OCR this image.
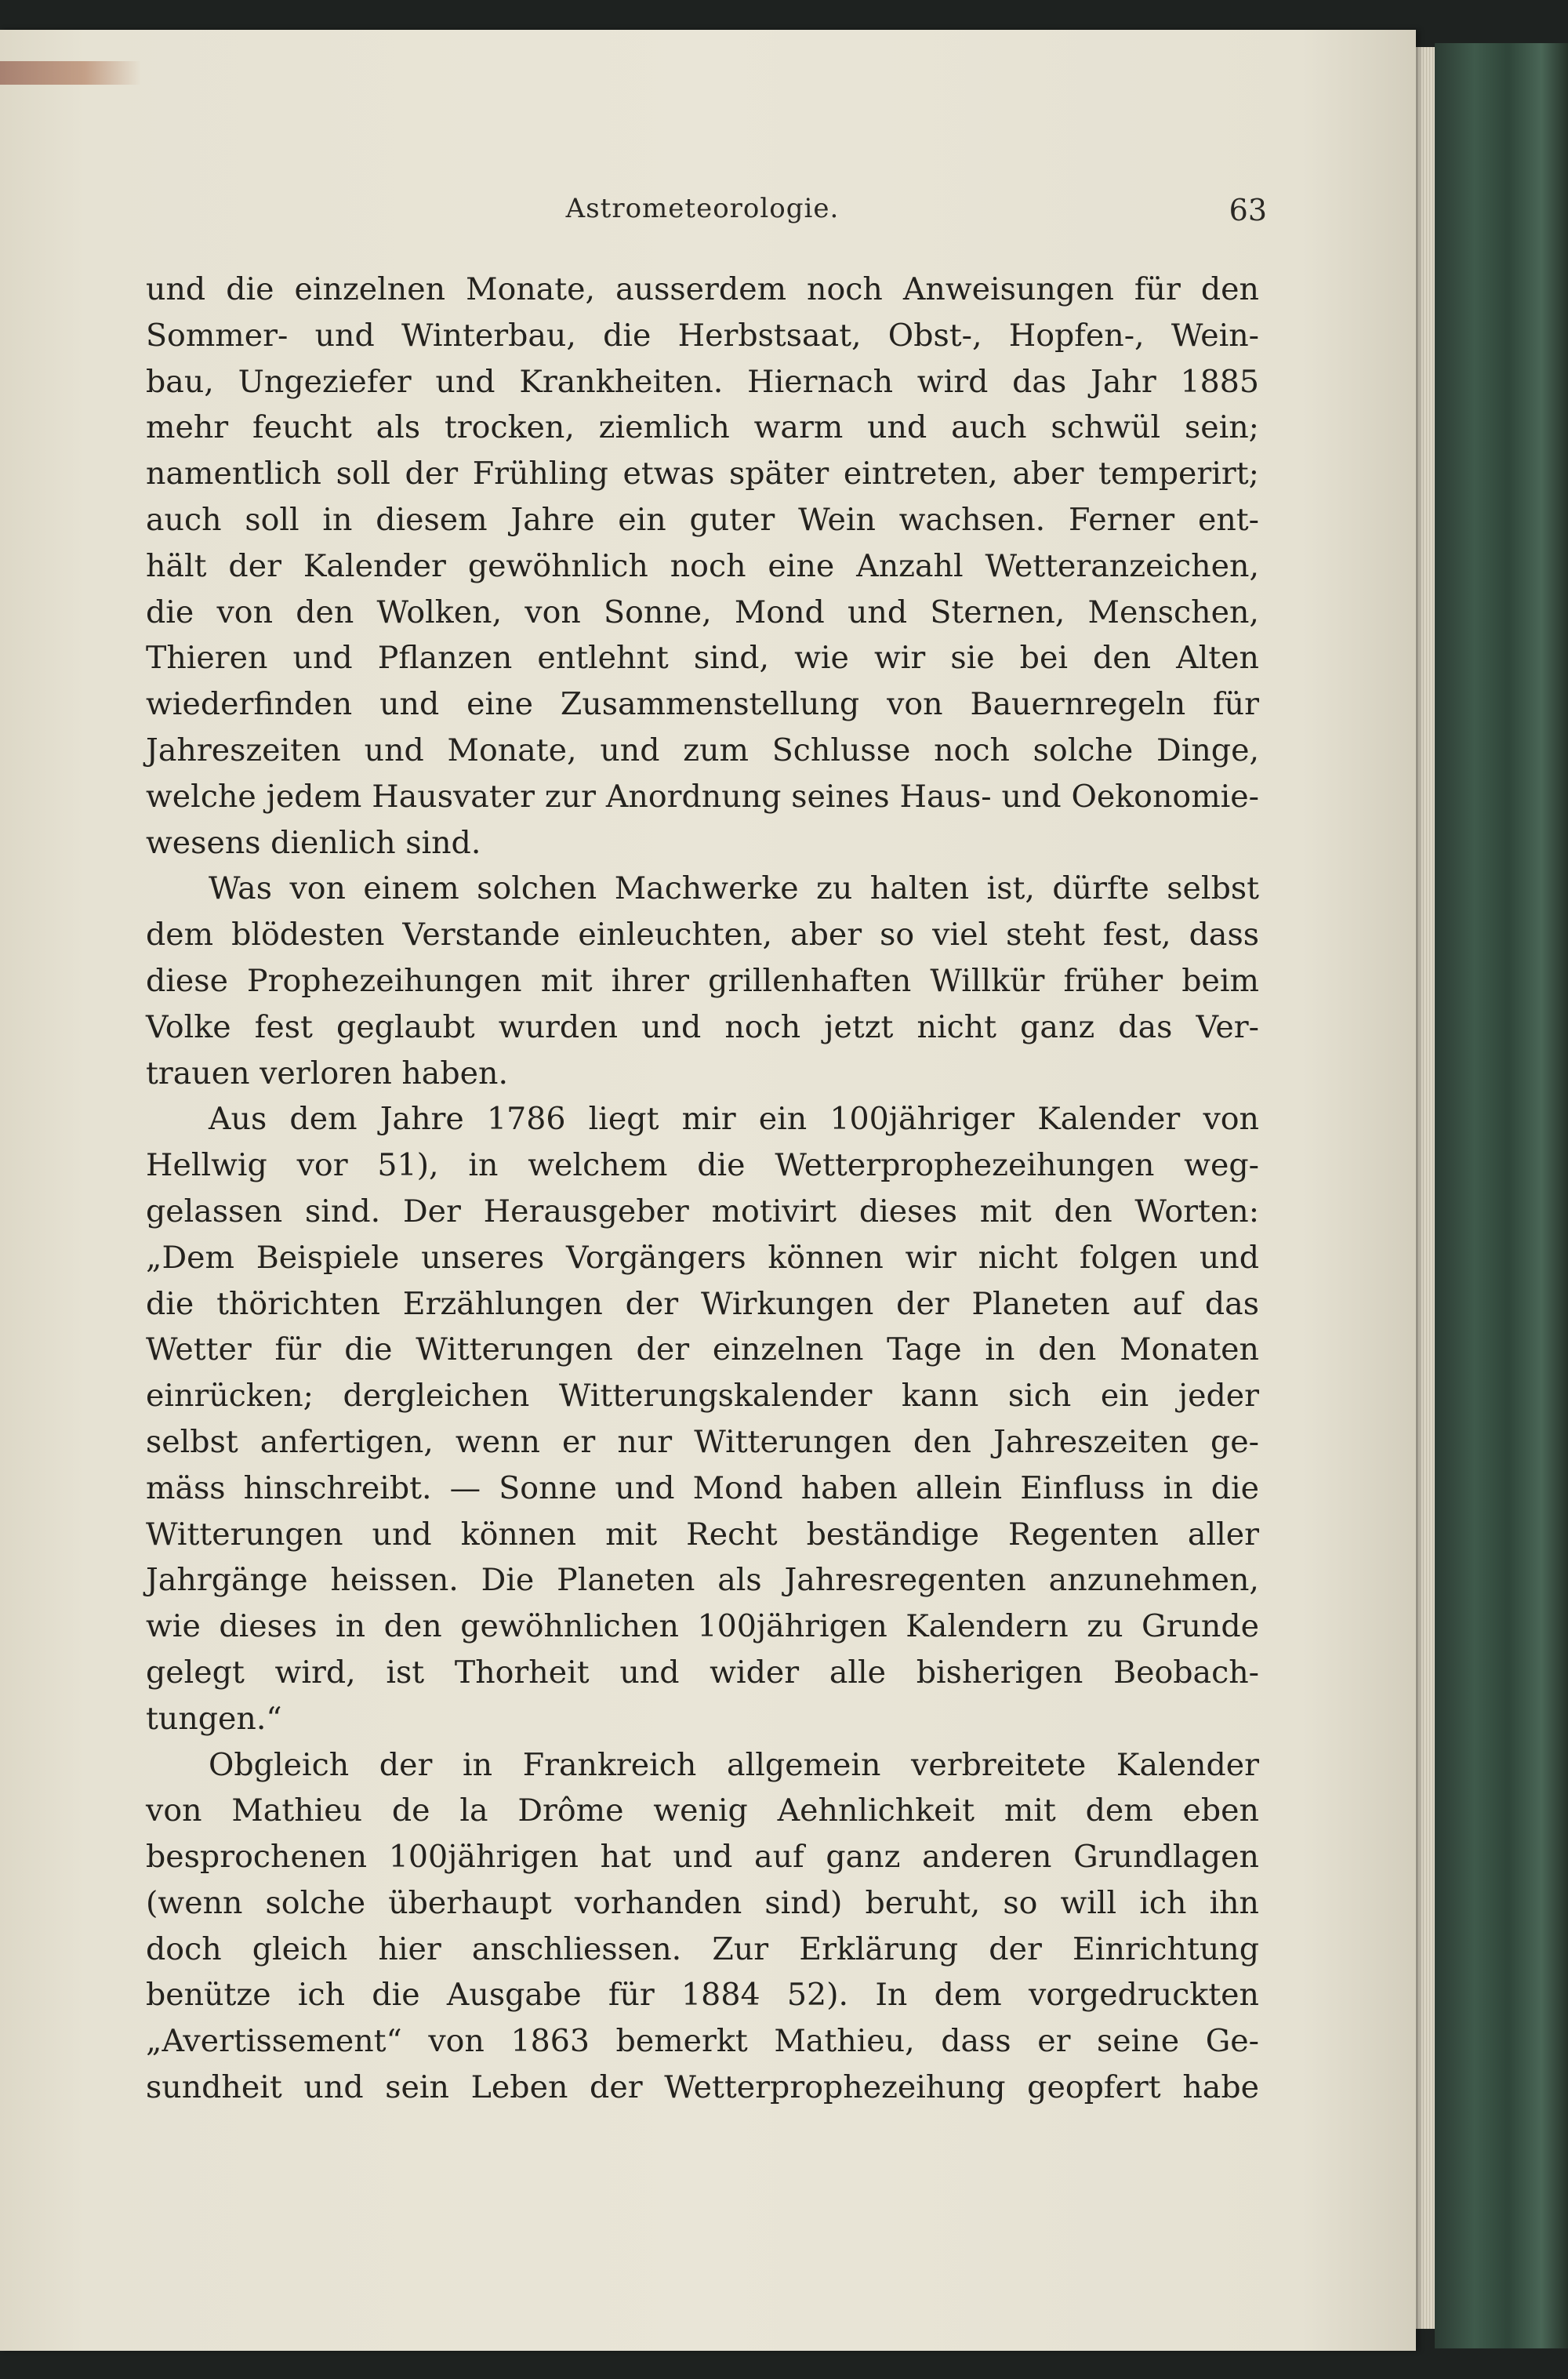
Astrometeorologie.	63
und die einzelnen Monate, ausserdem noch Anweisungen für den
Sommer- und Winterbau, die Herbstsaat, Obst-, Hopfen-, Wein-
bau, Ungeziefer und Krankheiten. Hiernach wird das Jahr 1885
mehr feucht als trocken, ziemlich warm und auch schwül sein;
namentlich soll der Frühling etwas später eintreten, aber temperirt;
auch soll in diesem Jahre ein guter Wein wachsen. Ferner ent-
hält der Kalender gewöhnlich noch eine Anzahl Wetteranzeichen,
die von den Wolken, von Sonne, Mond und Sternen, Menschen,
Thieren und Pflanzen entlehnt sind, wie wir sie bei den Alten
wiederfinden und eine Zusammenstellung von Bauernregeln für
Jahreszeiten und Monate, und zum Schlusse noch solche Dinge,
welche jedem Hausvater zur Anordnung seines Haus- und Oekonomie-
wesens dienlich sind.
Was von einem solchen Machwerke zu halten ist, dürfte selbst
dem blödesten Verstande einleuchten, aber so viel steht fest, dass
diese Prophezeihungen mit ihrer grillenhaften Willkür früher beim
Volke fest geglaubt wurden und noch jetzt nicht ganz das Ver-
trauen verloren haben.
Aus dem Jahre 1786 liegt mir ein 100jähriger Kalender von
Hellwig vor 51), in welchem die Wetterprophezeihungen weg-
gelassen sind. Der Herausgeber motivirt dieses mit den Worten:
„Dem Beispiele unseres Vorgängers können wir nicht folgen und
die thörichten Erzählungen der Wirkungen der Planeten auf das
Wetter für die Witterungen der einzelnen Tage in den Monaten
einrücken; dergleichen Witterungskalender kann sich ein jeder
selbst anfertigen, wenn er nur Witterungen den Jahreszeiten ge-
mäss hinschreibt. — Sonne und Mond haben allein Einfluss in die
Witterungen und können mit Recht beständige Regenten aller
Jahrgänge heissen. Die Planeten als Jahresregenten anzunehmen,
wie dieses in den gewöhnlichen 100jährigen Kalendern zu Grunde
gelegt wird, ist Thorheit und wider alle bisherigen Beobach-
tungen.“
Obgleich der in Frankreich allgemein verbreitete Kalender
von Mathieu de la Drôme wenig Aehnlichkeit mit dem eben
besprochenen 100jährigen hat und auf ganz anderen Grundlagen
(wenn solche überhaupt vorhanden sind) beruht, so will ich ihn
doch gleich hier anschliessen. Zur Erklärung der Einrichtung
benütze ich die Ausgabe für 1884 52). In dem vorgedruckten
„Avertissement“ von 1863 bemerkt Mathieu, dass er seine Ge-
sundheit und sein Leben der Wetterprophezeihung geopfert habe
